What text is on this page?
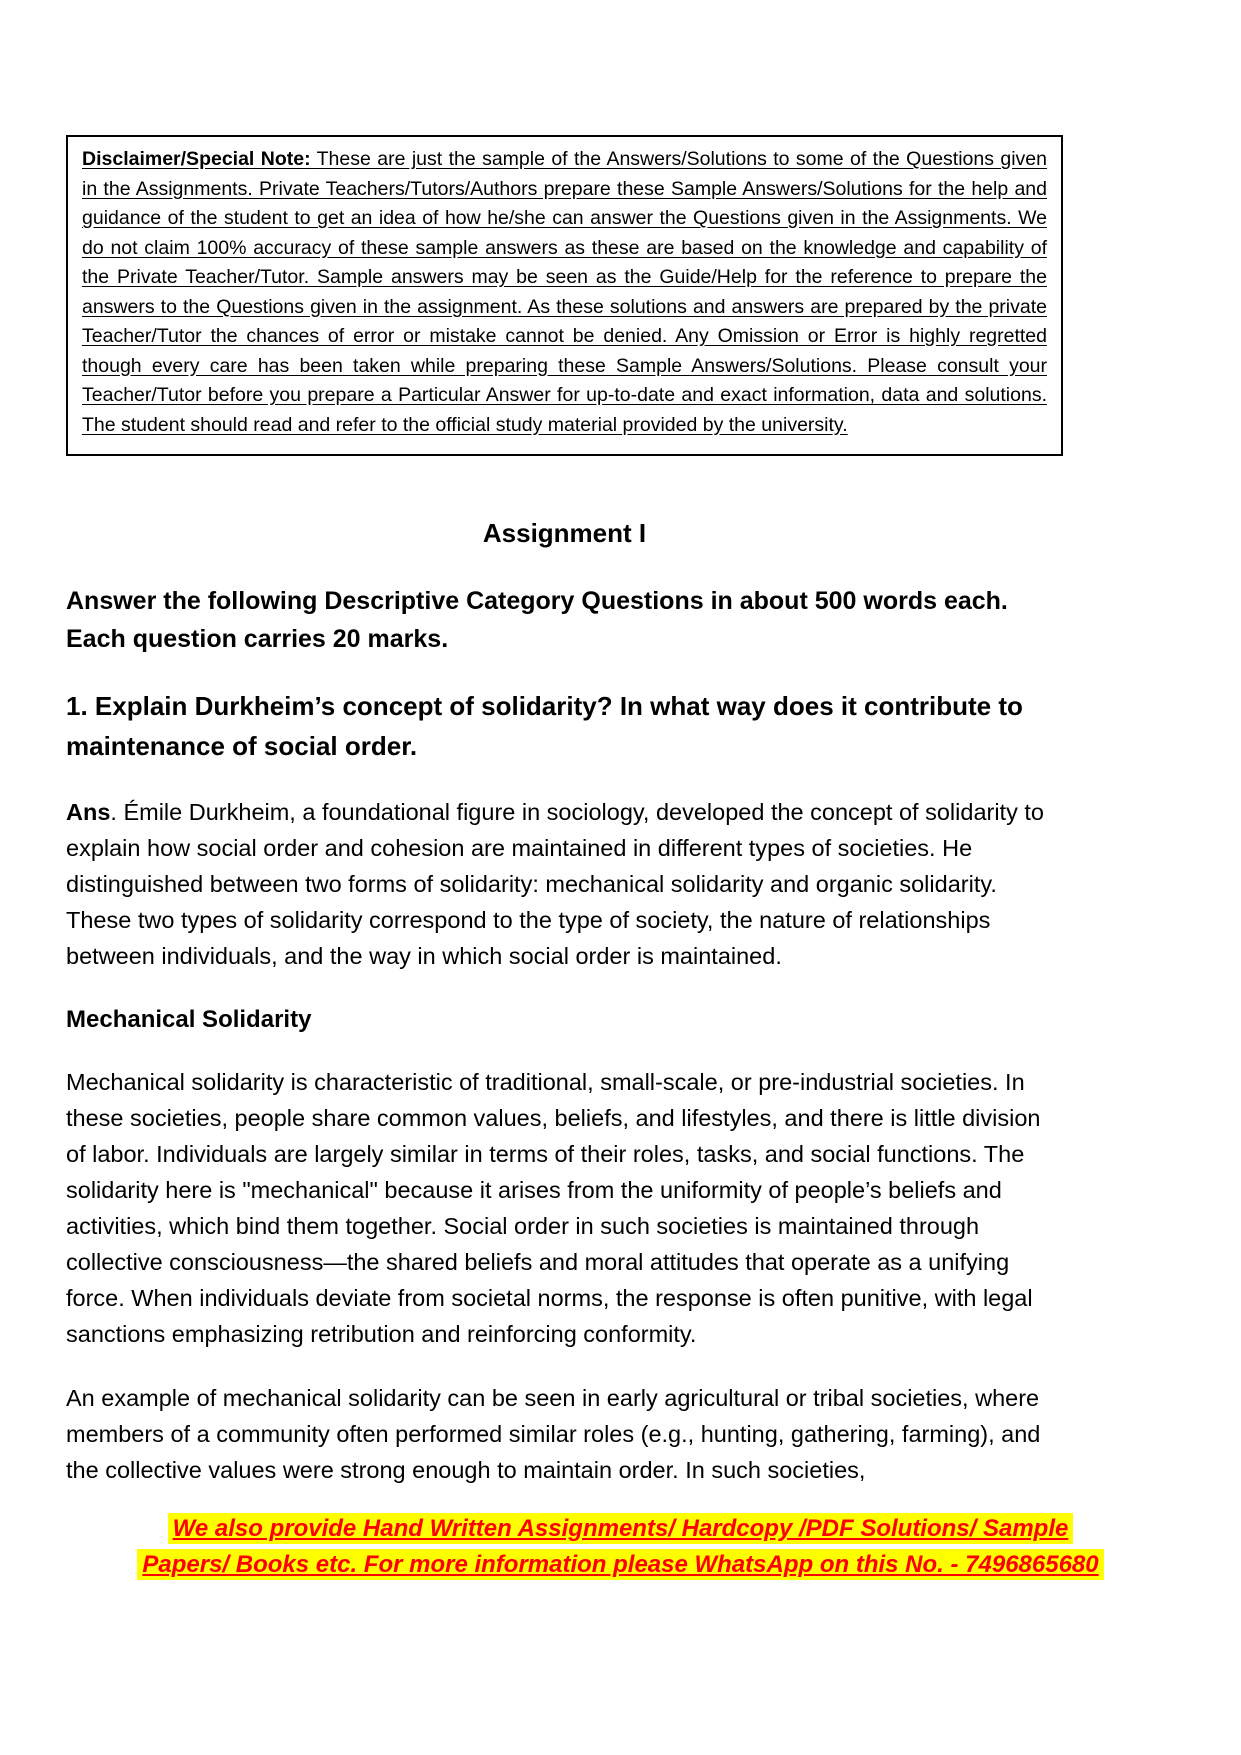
Disclaimer/Special Note: These are just the sample of the Answers/Solutions to some of the Questions given in the Assignments. Private Teachers/Tutors/Authors prepare these Sample Answers/Solutions for the help and guidance of the student to get an idea of how he/she can answer the Questions given in the Assignments. We do not claim 100% accuracy of these sample answers as these are based on the knowledge and capability of the Private Teacher/Tutor. Sample answers may be seen as the Guide/Help for the reference to prepare the answers to the Questions given in the assignment. As these solutions and answers are prepared by the private Teacher/Tutor the chances of error or mistake cannot be denied. Any Omission or Error is highly regretted though every care has been taken while preparing these Sample Answers/Solutions. Please consult your Teacher/Tutor before you prepare a Particular Answer for up-to-date and exact information, data and solutions. The student should read and refer to the official study material provided by the university.

Assignment I

Answer the following Descriptive Category Questions in about 500 words each. Each question carries 20 marks.

1. Explain Durkheim’s concept of solidarity? In what way does it contribute to maintenance of social order.

Ans. Émile Durkheim, a foundational figure in sociology, developed the concept of solidarity to explain how social order and cohesion are maintained in different types of societies. He distinguished between two forms of solidarity: mechanical solidarity and organic solidarity. These two types of solidarity correspond to the type of society, the nature of relationships between individuals, and the way in which social order is maintained.

Mechanical Solidarity

Mechanical solidarity is characteristic of traditional, small-scale, or pre-industrial societies. In these societies, people share common values, beliefs, and lifestyles, and there is little division of labor. Individuals are largely similar in terms of their roles, tasks, and social functions. The solidarity here is "mechanical" because it arises from the uniformity of people’s beliefs and activities, which bind them together. Social order in such societies is maintained through collective consciousness—the shared beliefs and moral attitudes that operate as a unifying force. When individuals deviate from societal norms, the response is often punitive, with legal sanctions emphasizing retribution and reinforcing conformity.

An example of mechanical solidarity can be seen in early agricultural or tribal societies, where members of a community often performed similar roles (e.g., hunting, gathering, farming), and the collective values were strong enough to maintain order. In such societies,

We also provide Hand Written Assignments/ Hardcopy /PDF Solutions/ Sample Papers/ Books etc. For more information please WhatsApp on this No. - 7496865680
